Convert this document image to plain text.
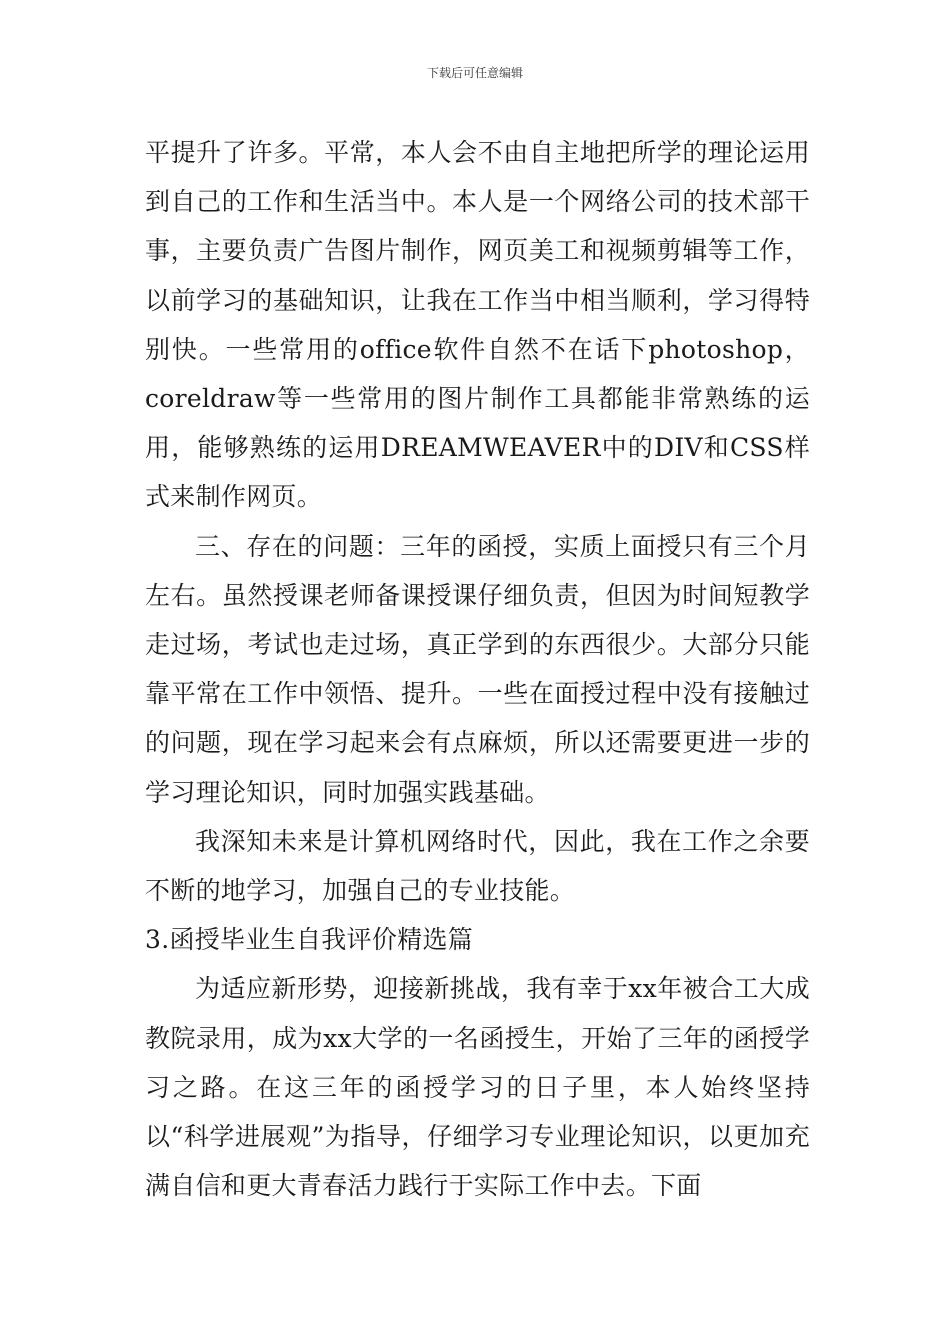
下载后可任意编辑

平提升了许多。平常，本人会不由自主地把所学的理论运用到自己的工作和生活当中。本人是一个网络公司的技术部干事，主要负责广告图片制作，网页美工和视频剪辑等工作，以前学习的基础知识，让我在工作当中相当顺利，学习得特别快。一些常用的office软件自然不在话下photoshop，coreldraw等一些常用的图片制作工具都能非常熟练的运用，能够熟练的运用DREAMWEAVER中的DIV和CSS样式来制作网页。

三、存在的问题：三年的函授，实质上面授只有三个月左右。虽然授课老师备课授课仔细负责，但因为时间短教学走过场，考试也走过场，真正学到的东西很少。大部分只能靠平常在工作中领悟、提升。一些在面授过程中没有接触过的问题，现在学习起来会有点麻烦，所以还需要更进一步的学习理论知识，同时加强实践基础。

我深知未来是计算机网络时代，因此，我在工作之余要不断的地学习，加强自己的专业技能。

3.函授毕业生自我评价精选篇

为适应新形势，迎接新挑战，我有幸于xx年被合工大成教院录用，成为xx大学的一名函授生，开始了三年的函授学习之路。在这三年的函授学习的日子里，本人始终坚持以“科学进展观”为指导，仔细学习专业理论知识，以更加充满自信和更大青春活力践行于实际工作中去。下面
